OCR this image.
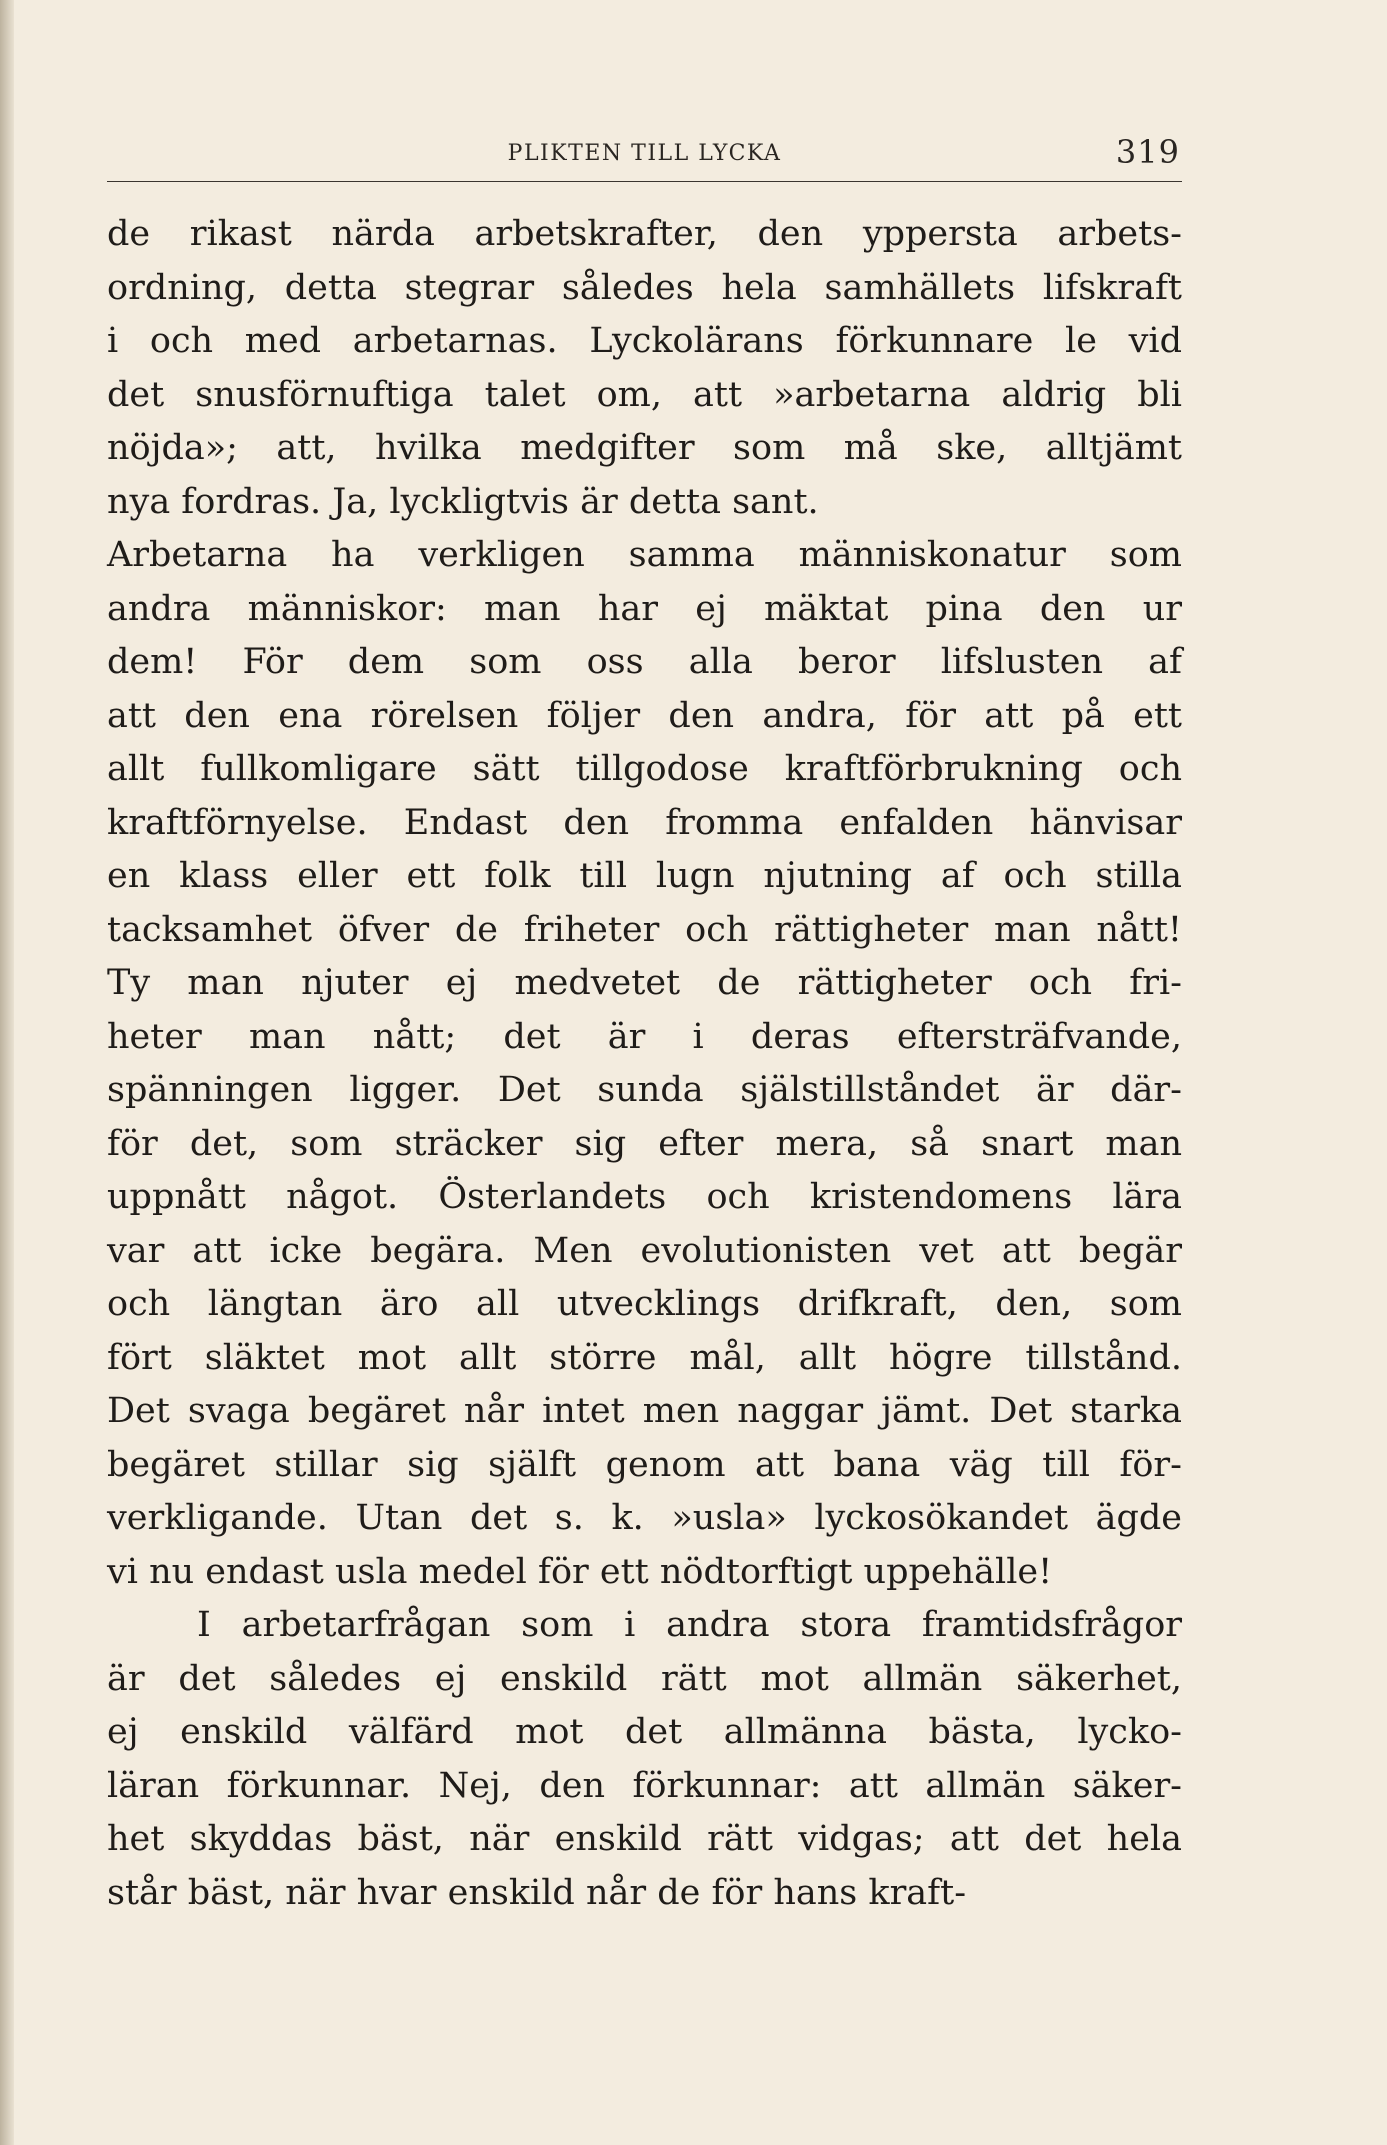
PLIKTEN TILL LYCKA	319
de rikast närda arbetskrafter, den yppersta arbets-
ordning, detta stegrar således hela samhällets lifskraft
i och med arbetarnas. Lyckolärans förkunnare le vid
det snusförnuftiga talet om, att »arbetarna aldrig bli
nöjda»; att, hvilka medgifter som må ske, alltjämt
nya fordras. Ja, lyckligtvis är detta sant.
Arbetarna ha verkligen samma människonatur som
andra människor: man har ej mäktat pina den ur
dem! För dem som oss alla beror lifslusten af
att den ena rörelsen följer den andra, för att på ett
allt fullkomligare sätt tillgodose kraftförbrukning och
kraftförnyelse. Endast den fromma enfalden hänvisar
en klass eller ett folk till lugn njutning af och stilla
tacksamhet öfver de friheter och rättigheter man nått!
Ty man njuter ej medvetet de rättigheter och fri-
heter man nått; det är i deras eftersträfvande,
spänningen ligger. Det sunda själstillståndet är där-
för det, som sträcker sig efter mera, så snart man
uppnått något. Österlandets och kristendomens lära
var att icke begära. Men evolutionisten vet att begär
och längtan äro all utvecklings drifkraft, den, som
fört släktet mot allt större mål, allt högre tillstånd.
Det svaga begäret når intet men naggar jämt. Det starka
begäret stillar sig själft genom att bana väg till för-
verkligande. Utan det s. k. »usla» lyckosökandet ägde
vi nu endast usla medel för ett nödtorftigt uppehälle!
I arbetarfrågan som i andra stora framtidsfrågor
är det således ej enskild rätt mot allmän säkerhet,
ej enskild välfärd mot det allmänna bästa, lycko-
läran förkunnar. Nej, den förkunnar: att allmän säker-
het skyddas bäst, när enskild rätt vidgas; att det hela
står bäst, när hvar enskild når de för hans kraft-
